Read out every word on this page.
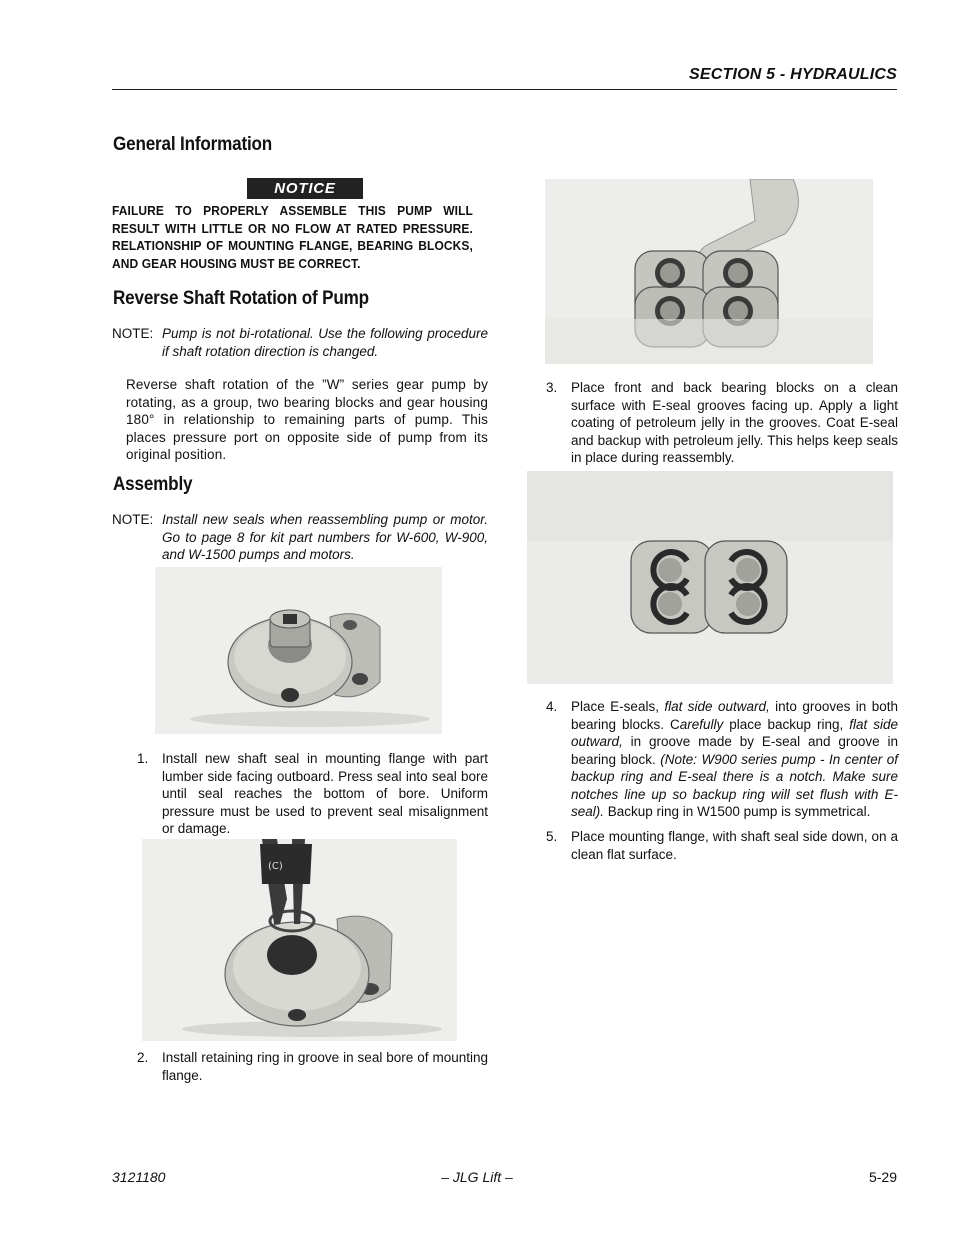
SECTION 5 - HYDRAULICS
General Information
NOTICE
FAILURE TO PROPERLY ASSEMBLE THIS PUMP WILL RESULT WITH LITTLE OR NO FLOW AT RATED PRESSURE. RELATIONSHIP OF MOUNTING FLANGE, BEARING BLOCKS, AND GEAR HOUSING MUST BE CORRECT.
Reverse Shaft Rotation of Pump
NOTE: Pump is not bi-rotational. Use the following procedure if shaft rotation direction is changed.
Reverse shaft rotation of the ”W” series gear pump by rotating, as a group, two bearing blocks and gear housing 180° in relationship to remaining parts of pump. This places pressure port on opposite side of pump from its original position.
Assembly
NOTE: Install new seals when reassembling pump or motor. Go to page 8 for kit part numbers for W-600, W-900, and W-1500 pumps and motors.
1. Install new shaft seal in mounting flange with part lumber side facing outboard. Press seal into seal bore until seal reaches the bottom of bore. Uniform pressure must be used to prevent seal misalignment or damage.
(C)
2. Install retaining ring in groove in seal bore of mounting flange.
3. Place front and back bearing blocks on a clean surface with E-seal grooves facing up. Apply a light coating of petroleum jelly in the grooves. Coat E-seal and backup with petroleum jelly. This helps keep seals in place during reassembly.
4. Place E-seals, flat side outward, into grooves in both bearing blocks. Carefully place backup ring, flat side outward, in groove made by E-seal and groove in bearing block. (Note: W900 series pump - In center of backup ring and E-seal there is a notch. Make sure notches line up so backup ring will set flush with E-seal). Backup ring in W1500 pump is symmetrical.
5. Place mounting flange, with shaft seal side down, on a clean flat surface.
3121180	– JLG Lift –	5-29
